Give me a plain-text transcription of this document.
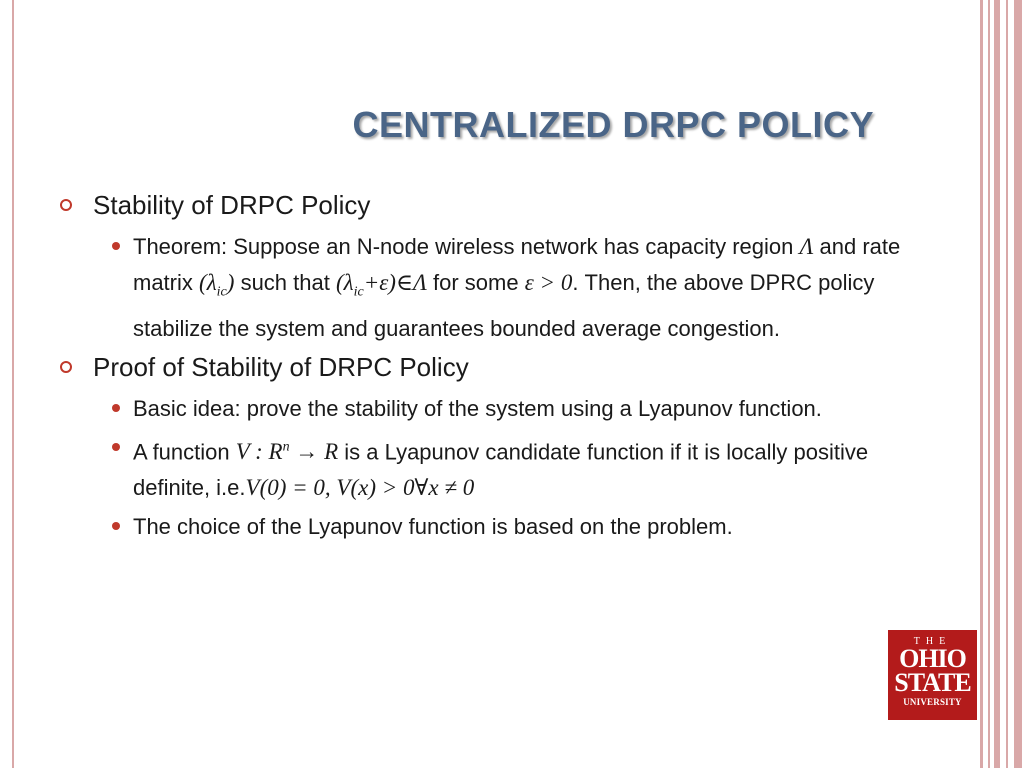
CENTRALIZED DRPC POLICY
Stability of DRPC Policy
Theorem: Suppose an N-node wireless network has capacity region Λ and rate matrix $(\lambda_{ic})$ such that $(\lambda_{ic}+\varepsilon)\in\Lambda$ for some ε > 0. Then, the above DPRC policy stabilize the system and guarantees bounded average congestion.
Proof of Stability of DRPC Policy
Basic idea: prove the stability of the system using a Lyapunov function.
A function V : $R^n \to R$ is a Lyapunov candidate function if it is locally positive definite, i.e.V(0) = 0, V(x) > 0∀x ≠ 0
The choice of the Lyapunov function is based on the problem.
THE
OHIO
STATE
UNIVERSITY
